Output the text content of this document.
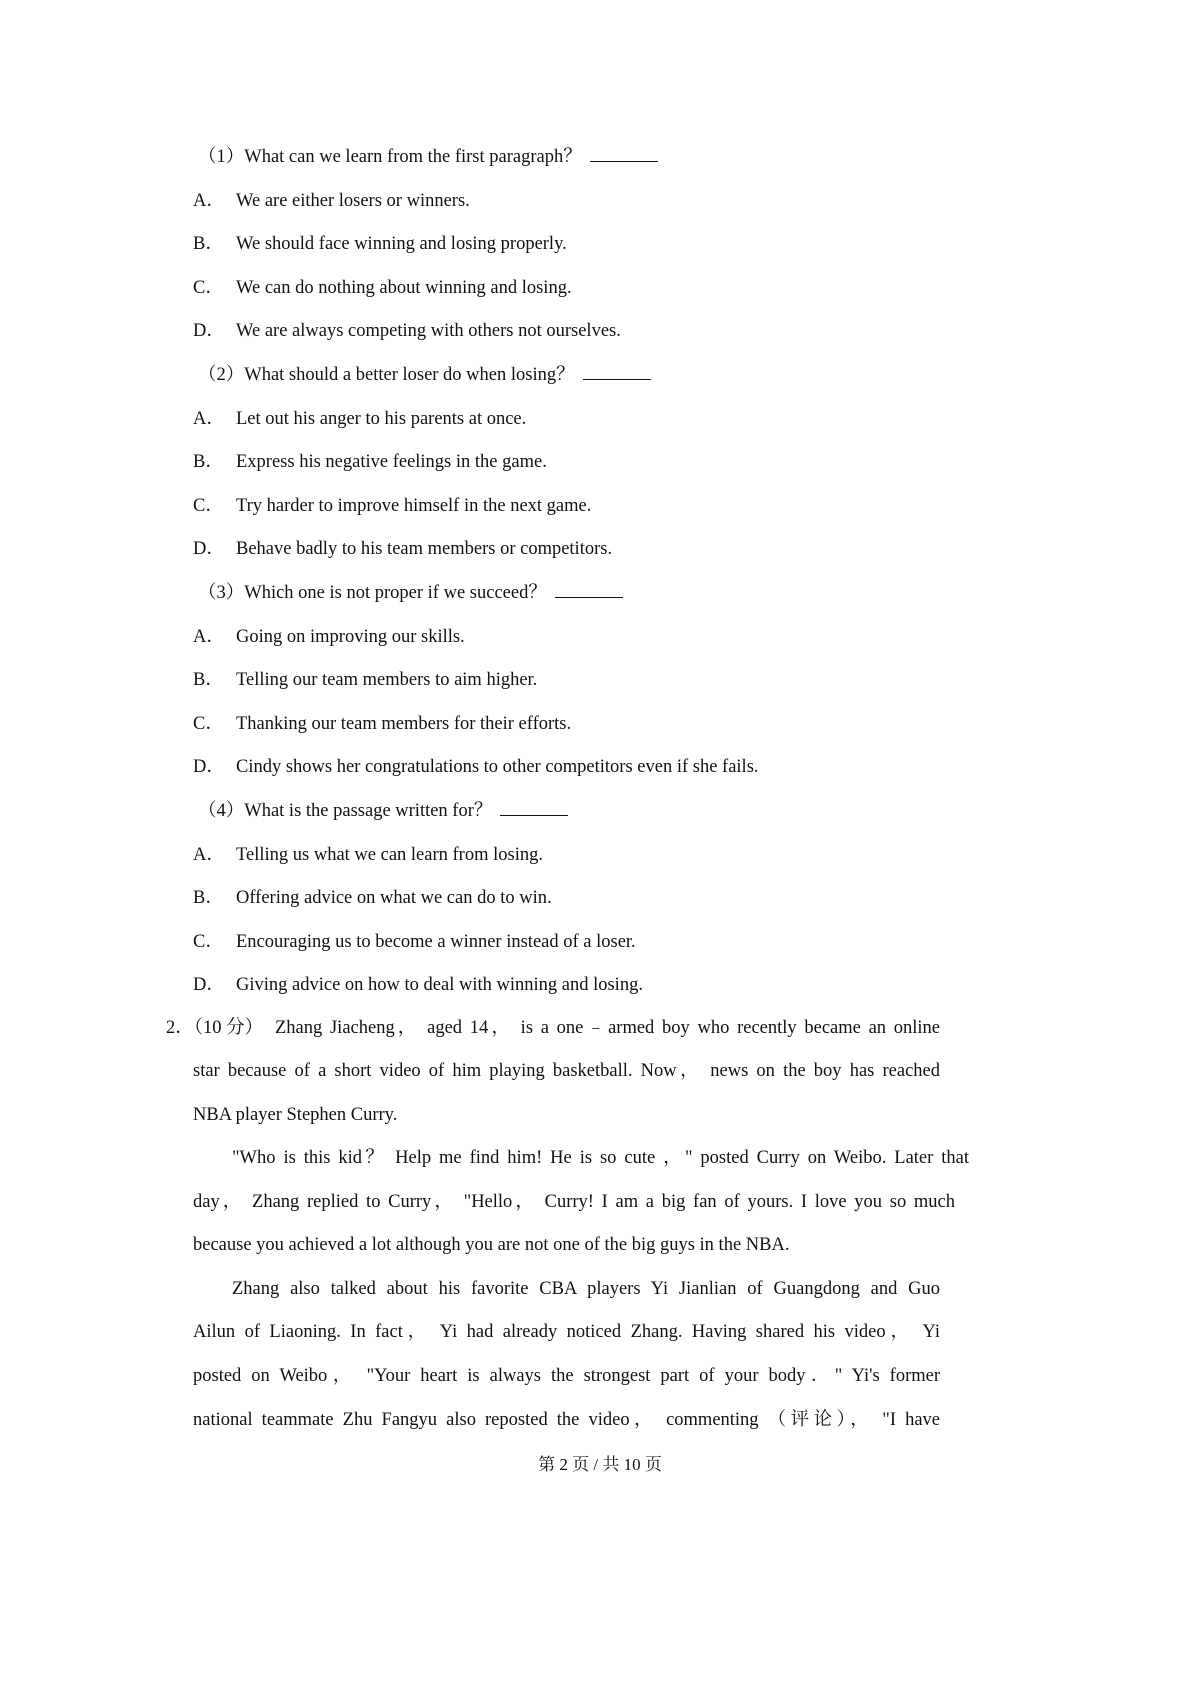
（1）What can we learn from the first paragraph？
A． We are either losers or winners.
B． We should face winning and losing properly.
C． We can do nothing about winning and losing.
D． We are always competing with others not ourselves.
（2）What should a better loser do when losing？
A． Let out his anger to his parents at once.
B． Express his negative feelings in the game.
C． Try harder to improve himself in the next game.
D． Behave badly to his team members or competitors.
（3）Which one is not proper if we succeed？
A． Going on improving our skills.
B． Telling our team members to aim higher.
C． Thanking our team members for their efforts.
D． Cindy shows her congratulations to other competitors even if she fails.
（4）What is the passage written for？
A． Telling us what we can learn from losing.
B． Offering advice on what we can do to win.
C． Encouraging us to become a winner instead of a loser.
D． Giving advice on how to deal with winning and losing.
2．（10 分） Zhang Jiacheng， aged 14， is a one﹣armed boy who recently became an online
star because of a short video of him playing basketball. Now， news on the boy has reached
NBA player Stephen Curry.
"Who is this kid？ Help me find him! He is so cute ，" posted Curry on Weibo. Later that
day， Zhang replied to Curry， "Hello， Curry! I am a big fan of yours. I love you so much
because you achieved a lot although you are not one of the big guys in the NBA.
Zhang also talked about his favorite CBA players Yi Jianlian of Guangdong and Guo
Ailun of Liaoning. In fact， Yi had already noticed Zhang. Having shared his video， Yi
posted on Weibo， "Your heart is always the strongest part of your body．" Yi's former
national teammate Zhu Fangyu also reposted the video， commenting （评论）， "I have
第 2 页 / 共 10 页
